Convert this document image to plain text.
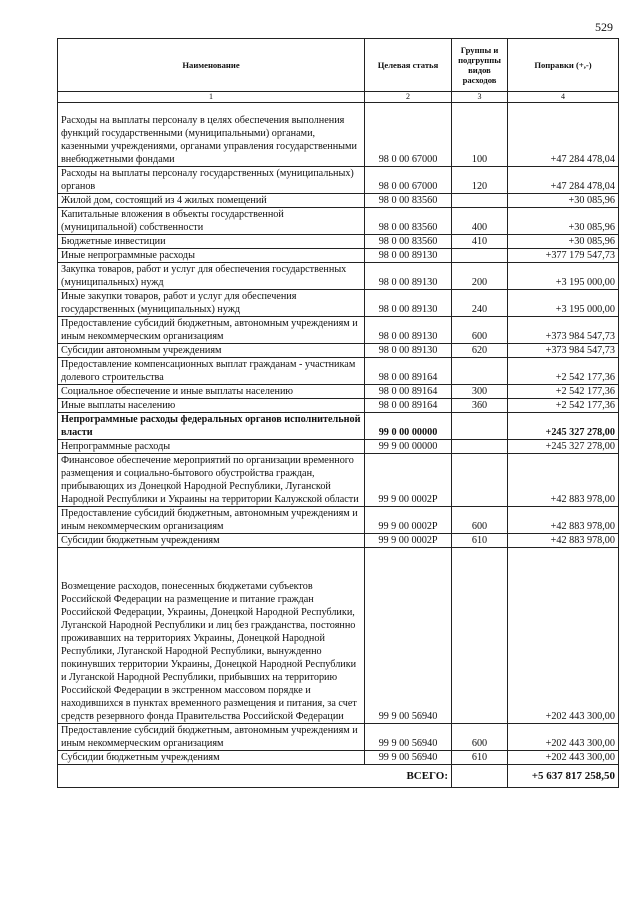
529
Наименование	Целевая статья	Группы и подгруппы видов расходов	Поправки (+,-)
1	2	3	4
Расходы на выплаты персоналу в целях обеспечения выполнения функций государственными (муниципальными) органами, казенными учреждениями, органами управления государственными внебюджетными фондами	98 0 00 67000	100	+47 284 478,04
Расходы на выплаты персоналу государственных (муниципальных) органов	98 0 00 67000	120	+47 284 478,04
Жилой дом, состоящий из 4 жилых помещений	98 0 00 83560		+30 085,96
Капитальные вложения в объекты государственной (муниципальной) собственности	98 0 00 83560	400	+30 085,96
Бюджетные инвестиции	98 0 00 83560	410	+30 085,96
Иные непрограммные расходы	98 0 00 89130		+377 179 547,73
Закупка товаров, работ и услуг для обеспечения государственных (муниципальных) нужд	98 0 00 89130	200	+3 195 000,00
Иные закупки товаров, работ и услуг для обеспечения государственных (муниципальных) нужд	98 0 00 89130	240	+3 195 000,00
Предоставление субсидий бюджетным, автономным учреждениям и иным некоммерческим организациям	98 0 00 89130	600	+373 984 547,73
Субсидии автономным учреждениям	98 0 00 89130	620	+373 984 547,73
Предоставление компенсационных выплат гражданам - участникам долевого строительства	98 0 00 89164		+2 542 177,36
Социальное обеспечение и иные выплаты населению	98 0 00 89164	300	+2 542 177,36
Иные выплаты населению	98 0 00 89164	360	+2 542 177,36
Непрограммные расходы федеральных органов исполнительной власти	99 0 00 00000		+245 327 278,00
Непрограммные расходы	99 9 00 00000		+245 327 278,00
Финансовое обеспечение мероприятий по организации временного размещения и социально-бытового обустройства граждан, прибывающих из Донецкой Народной Республики, Луганской Народной Республики и Украины на территории Калужской области	99 9 00 0002Р		+42 883 978,00
Предоставление субсидий бюджетным, автономным учреждениям и иным некоммерческим организациям	99 9 00 0002Р	600	+42 883 978,00
Субсидии бюджетным учреждениям	99 9 00 0002Р	610	+42 883 978,00
Возмещение расходов, понесенных бюджетами субъектов Российской Федерации на размещение и питание граждан Российской Федерации, Украины, Донецкой Народной Республики, Луганской Народной Республики и лиц без гражданства, постоянно проживавших на территориях Украины, Донецкой Народной Республики, Луганской Народной Республики, вынужденно покинувших территории Украины, Донецкой Народной Республики и Луганской Народной Республики, прибывших на территорию Российской Федерации в экстренном массовом порядке и находившихся в пунктах временного размещения и питания, за счет средств резервного фонда Правительства Российской Федерации	99 9 00 56940		+202 443 300,00
Предоставление субсидий бюджетным, автономным учреждениям и иным некоммерческим организациям	99 9 00 56940	600	+202 443 300,00
Субсидии бюджетным учреждениям	99 9 00 56940	610	+202 443 300,00
ВСЕГО:			+5 637 817 258,50
